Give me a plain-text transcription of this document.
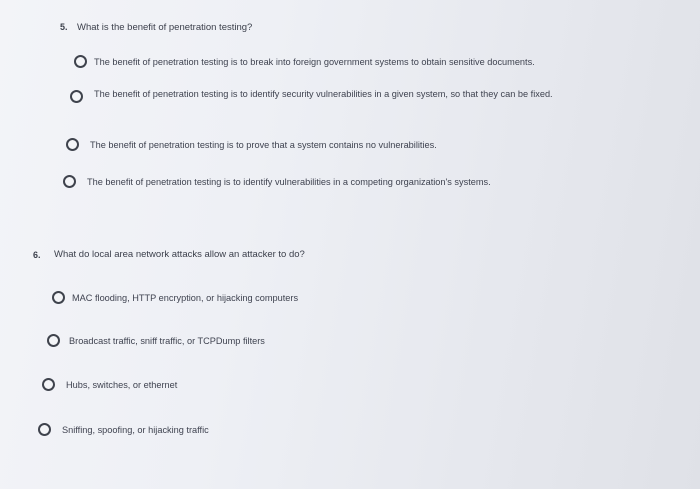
5. What is the benefit of penetration testing?
The benefit of penetration testing is to break into foreign government systems to obtain sensitive documents.
The benefit of penetration testing is to identify security vulnerabilities in a given system, so that they can be fixed.
The benefit of penetration testing is to prove that a system contains no vulnerabilities.
The benefit of penetration testing is to identify vulnerabilities in a competing organization's systems.
6. What do local area network attacks allow an attacker to do?
MAC flooding, HTTP encryption, or hijacking computers
Broadcast traffic, sniff traffic, or TCPDump filters
Hubs, switches, or ethernet
Sniffing, spoofing, or hijacking traffic
